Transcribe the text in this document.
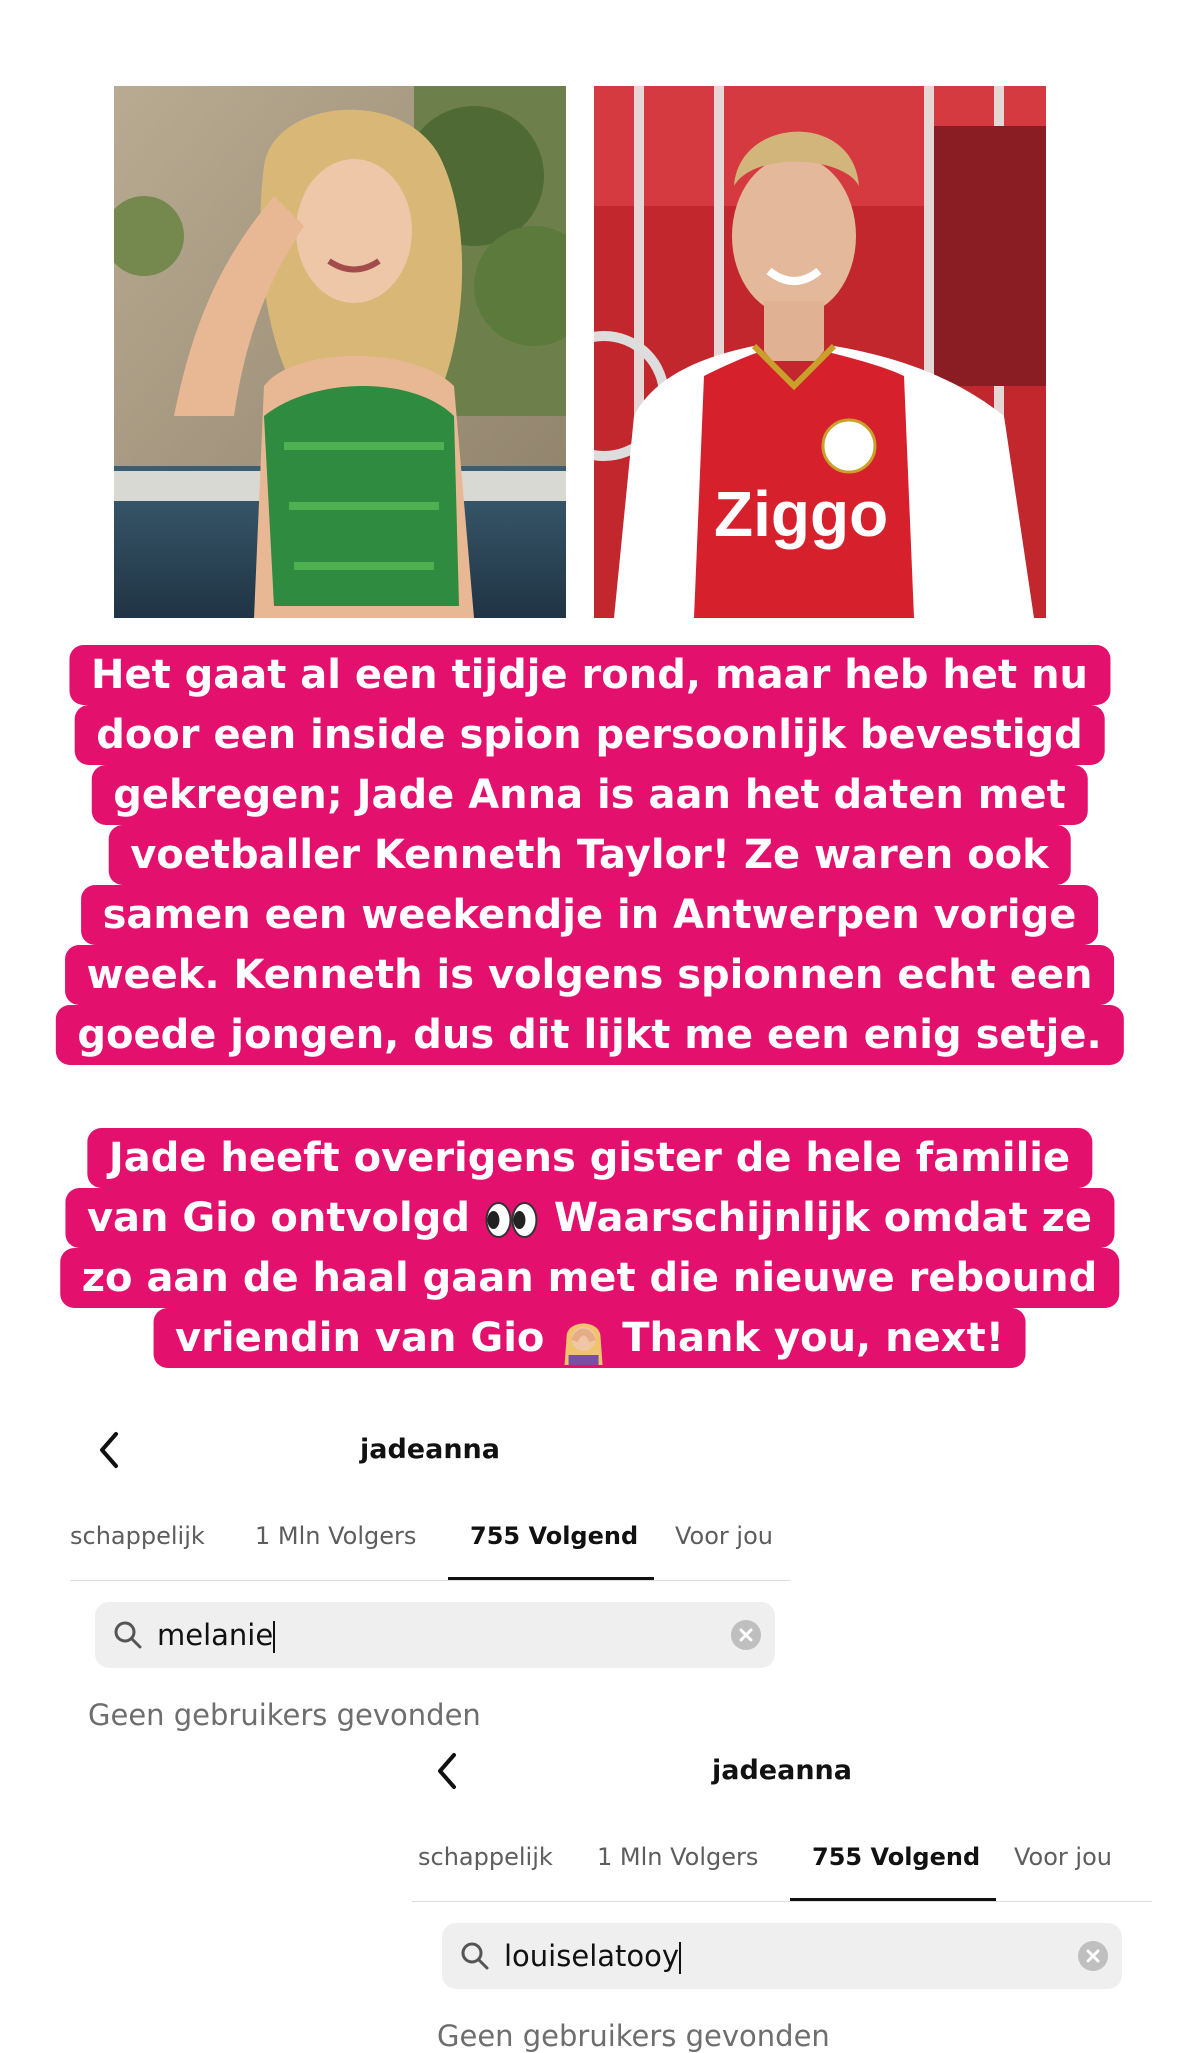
Ziggo
Het gaat al een tijdje rond, maar heb het nu
door een inside spion persoonlijk bevestigd
gekregen; Jade Anna is aan het daten met
voetballer Kenneth Taylor! Ze waren ook
samen een weekendje in Antwerpen vorige
week. Kenneth is volgens spionnen echt een
goede jongen, dus dit lijkt me een enig setje.
Jade heeft overigens gister de hele familie
van Gio ontvolgd  Waarschijnlijk omdat ze
zo aan de haal gaan met die nieuwe rebound
vriendin van Gio  Thank you, next!
jadeanna
schappelijk 1 Mln Volgers 755 Volgend Voor jou
melanie
Geen gebruikers gevonden
jadeanna
schappelijk 1 Mln Volgers 755 Volgend Voor jou
louiselatooy
Geen gebruikers gevonden
